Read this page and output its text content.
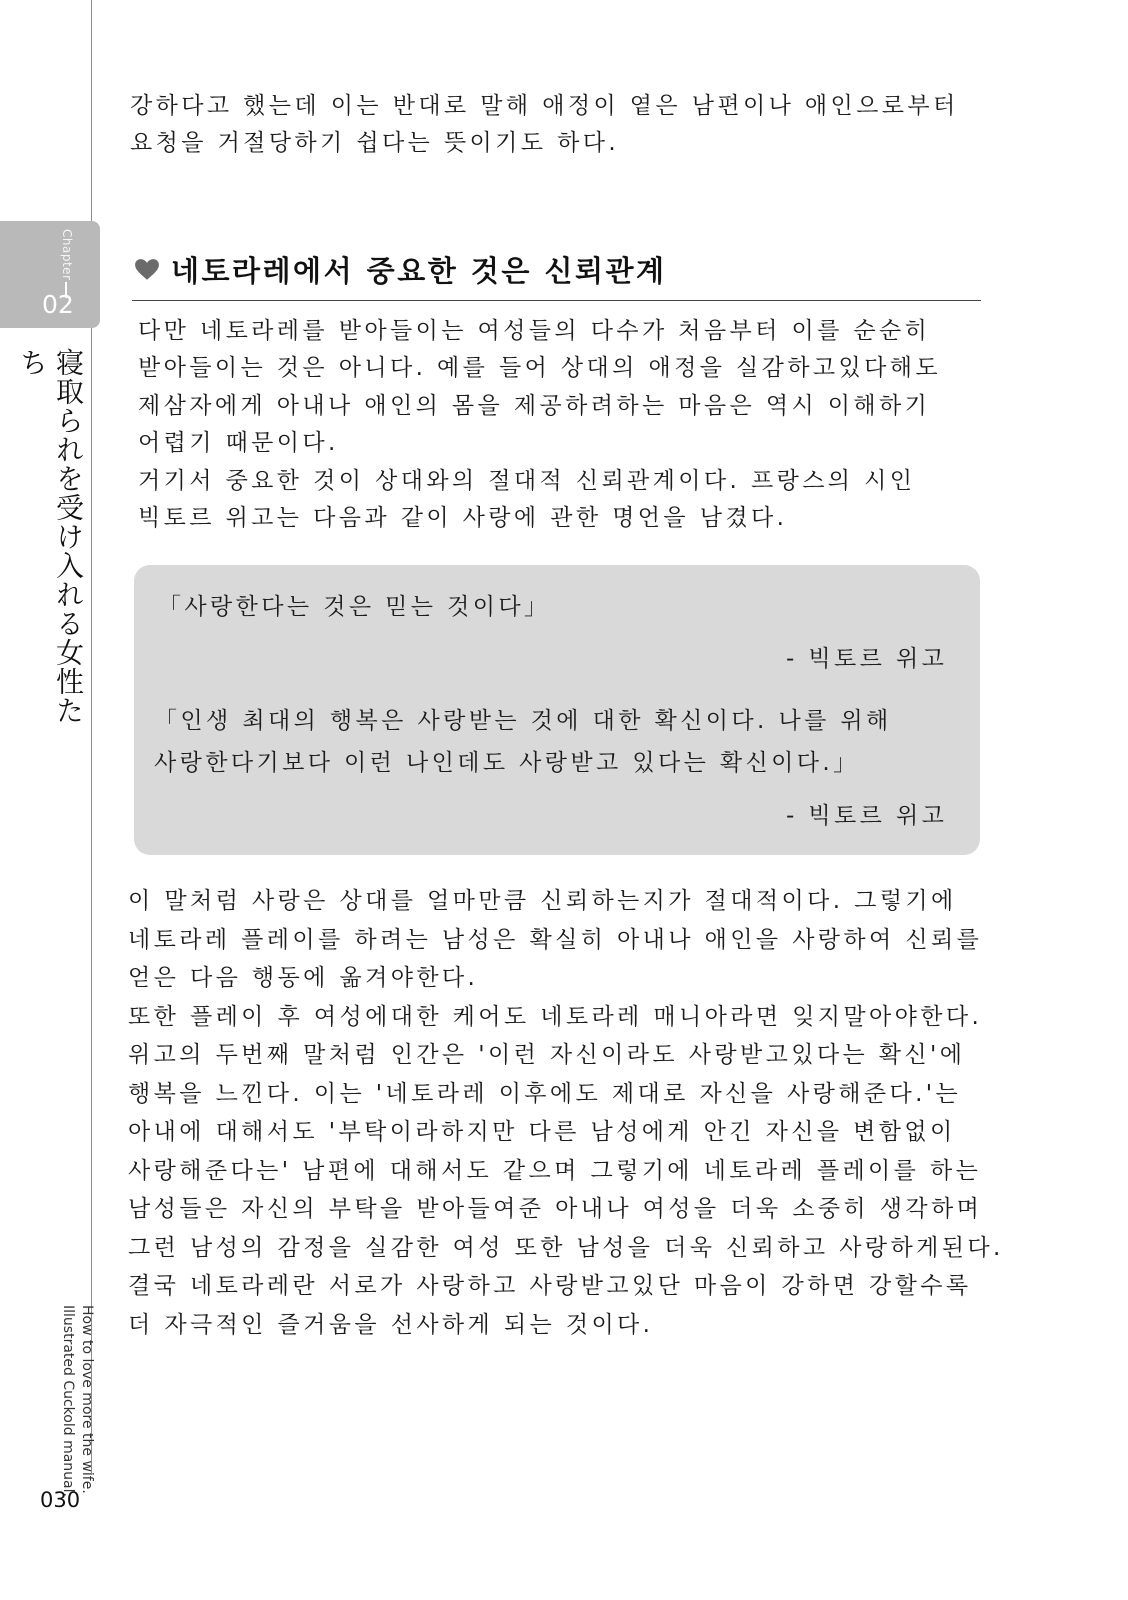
Chapter
02
寝取られを受け入れる女性たち
How to love more the wife.
Illustrated Cuckold manual.
030

강하다고 했는데 이는 반대로 말해 애정이 옅은 남편이나 애인으로부터
요청을 거절당하기 쉽다는 뜻이기도 하다.

네토라레에서 중요한 것은 신뢰관계

다만 네토라레를 받아들이는 여성들의 다수가 처음부터 이를 순순히
받아들이는 것은 아니다. 예를 들어 상대의 애정을 실감하고있다해도
제삼자에게 아내나 애인의 몸을 제공하려하는 마음은 역시 이해하기
어렵기 때문이다.
거기서 중요한 것이 상대와의 절대적 신뢰관계이다. 프랑스의 시인
빅토르 위고는 다음과 같이 사랑에 관한 명언을 남겼다.

「사랑한다는 것은 믿는 것이다」
- 빅토르 위고
「인생 최대의 행복은 사랑받는 것에 대한 확신이다. 나를 위해
사랑한다기보다 이런 나인데도 사랑받고 있다는 확신이다.」
- 빅토르 위고

이 말처럼 사랑은 상대를 얼마만큼 신뢰하는지가 절대적이다. 그렇기에
네토라레 플레이를 하려는 남성은 확실히 아내나 애인을 사랑하여 신뢰를
얻은 다음 행동에 옮겨야한다.
또한 플레이 후 여성에대한 케어도 네토라레 매니아라면 잊지말아야한다.
위고의 두번째 말처럼 인간은 '이런 자신이라도 사랑받고있다는 확신'에
행복을 느낀다. 이는 '네토라레 이후에도 제대로 자신을 사랑해준다.'는
아내에 대해서도 '부탁이라하지만 다른 남성에게 안긴 자신을 변함없이
사랑해준다는' 남편에 대해서도 같으며 그렇기에 네토라레 플레이를 하는
남성들은 자신의 부탁을 받아들여준 아내나 여성을 더욱 소중히 생각하며
그런 남성의 감정을 실감한 여성 또한 남성을 더욱 신뢰하고 사랑하게된다.
결국 네토라레란 서로가 사랑하고 사랑받고있단 마음이 강하면 강할수록
더 자극적인 즐거움을 선사하게 되는 것이다.
